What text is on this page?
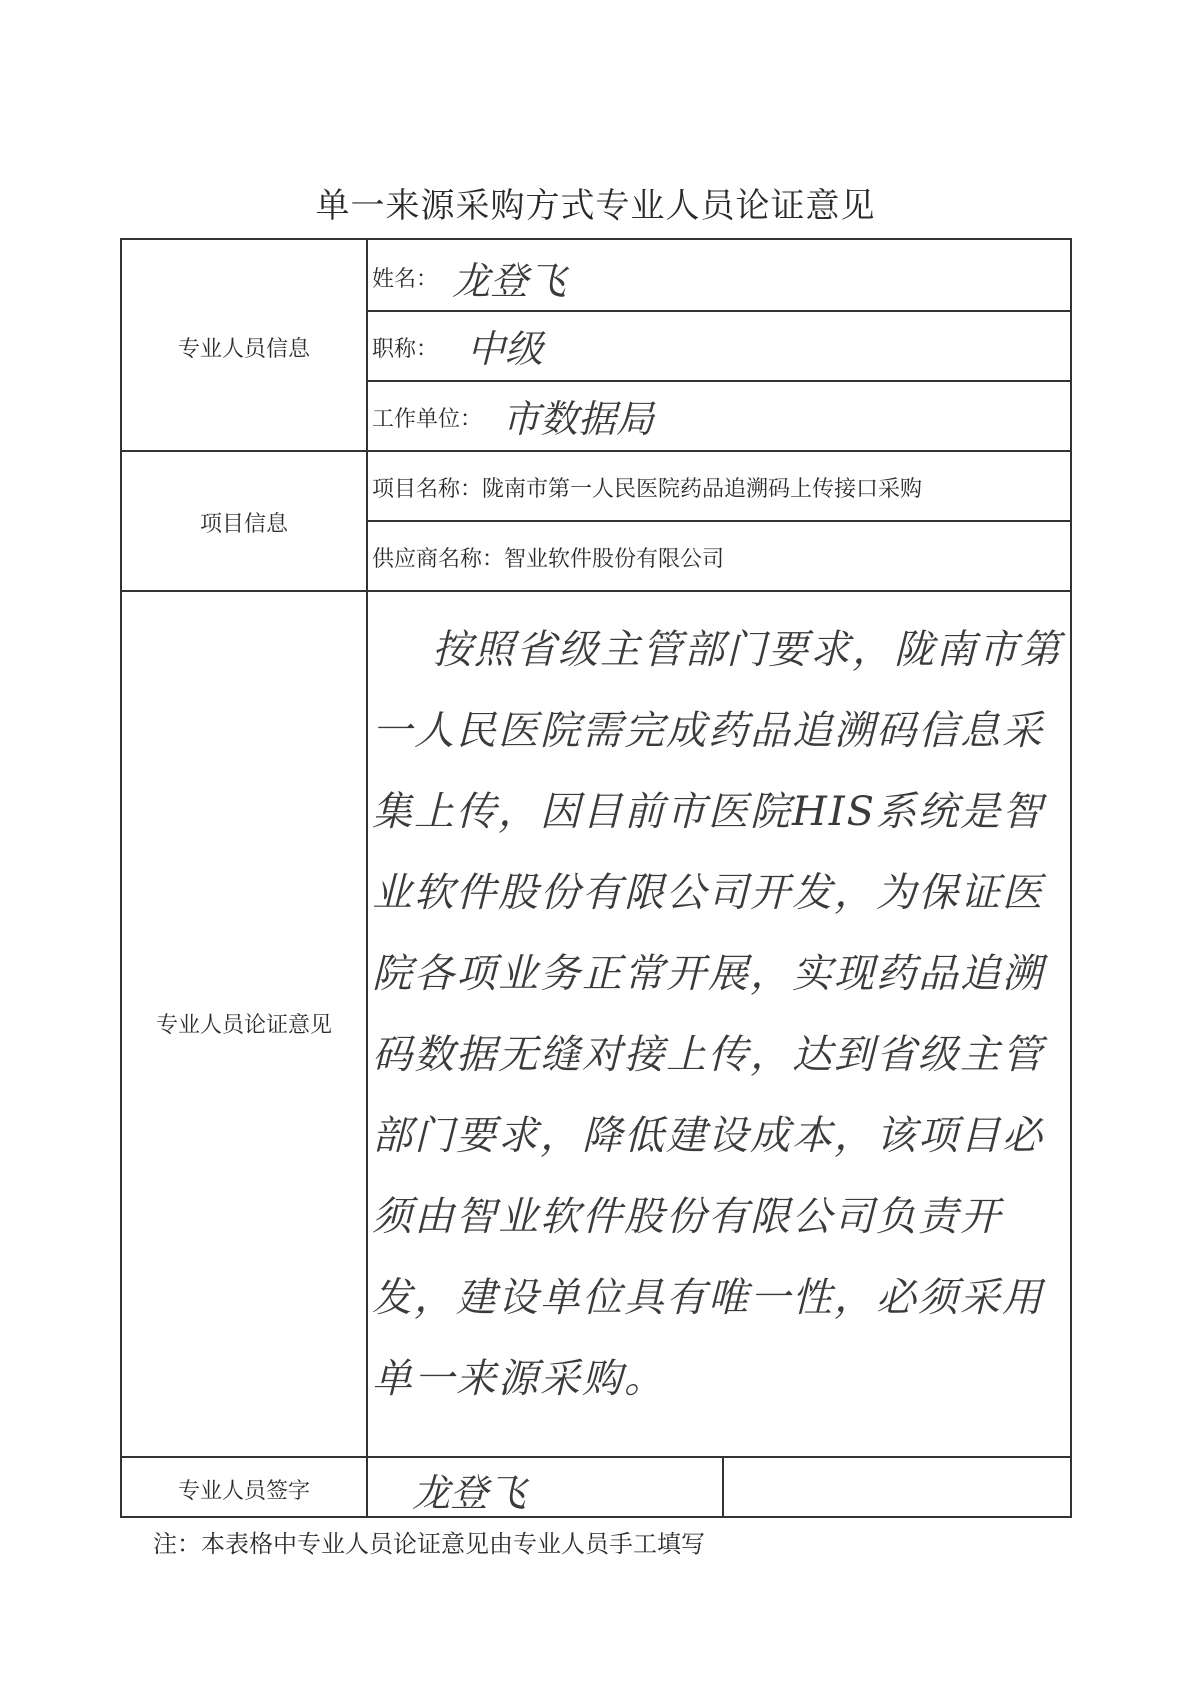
单一来源采购方式专业人员论证意见
专业人员信息
姓名： 龙登飞
职称： 中级
工作单位： 市数据局
项目信息
项目名称：陇南市第一人民医院药品追溯码上传接口采购
供应商名称：智业软件股份有限公司
专业人员论证意见
按照省级主管部门要求，陇南市第一人民医院需完成药品追溯码信息采集上传，因目前市医院HIS系统是智业软件股份有限公司开发，为保证医院各项业务正常开展，实现药品追溯码数据无缝对接上传，达到省级主管部门要求，降低建设成本，该项目必须由智业软件股份有限公司负责开发，建设单位具有唯一性，必须采用单一来源采购。
专业人员签字	龙登飞
注：本表格中专业人员论证意见由专业人员手工填写
